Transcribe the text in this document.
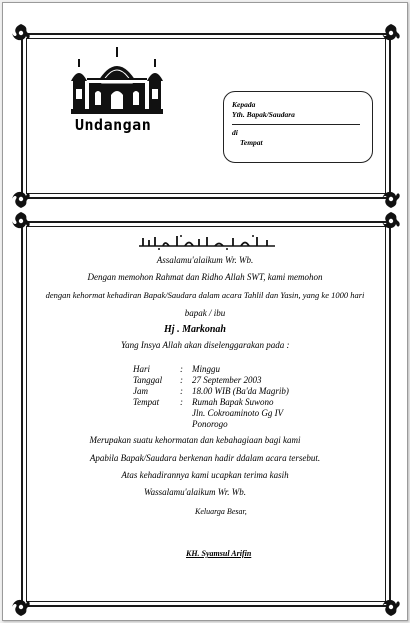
Undangan
Kepada
Yth. Bapak/Saudara
di
Tempat
Assalamu'alaikum Wr. Wb.
Dengan memohon Rahmat dan Ridho Allah SWT, kami memohon
dengan kehormat kehadiran Bapak/Saudara dalam acara Tahlil dan Yasin, yang ke 1000 hari
bapak / ibu
Hj . Markonah
Yang Insya Allah akan diselenggarakan pada :
Hari	: Minggu
Tanggal : 27 September 2003
Jam	: 18.00 WIB (Ba'da Magrib)
Tempat : Rumah Bapak Suwono
Jln. Cokroaminoto Gg IV
Ponorogo
Merupakan suatu kehormatan dan kebahagiaan bagi kami
Apabila Bapak/Saudara berkenan hadir ddalam acara tersebut.
Atas kehadirannya kami ucapkan terima kasih
Wassalamu'alaikum Wr. Wb.
Keluarga Besar,
KH. Syamsul Arifin
